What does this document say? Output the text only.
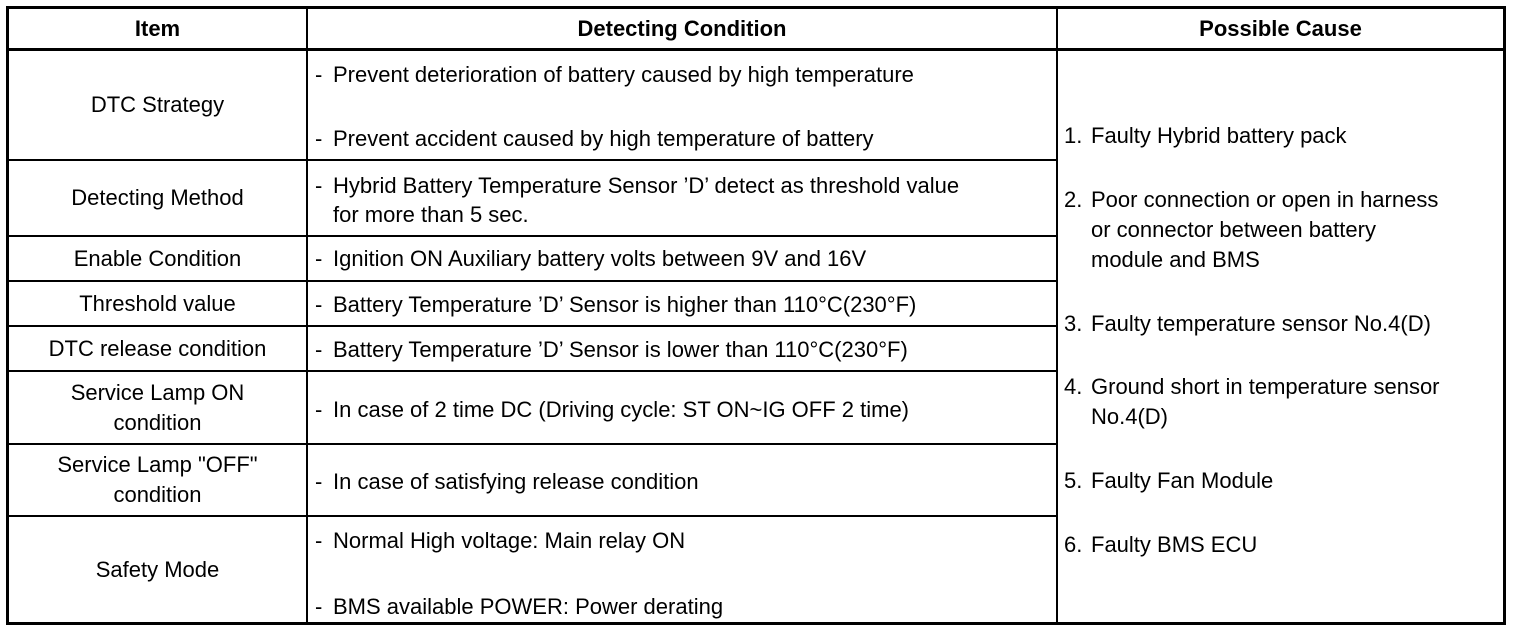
Item	Detecting Condition	Possible Cause
DTC Strategy
Detecting Method
Enable Condition
Threshold value
DTC release condition
Service Lamp ON
condition
Service Lamp "OFF"
condition
Safety Mode
- Prevent deterioration of battery caused by high temperature
- Prevent accident caused by high temperature of battery
- Hybrid Battery Temperature Sensor ’D’ detect as threshold value
for more than 5 sec.
- Ignition ON Auxiliary battery volts between 9V and 16V
- Battery Temperature ’D’ Sensor is higher than 110°C(230°F)
- Battery Temperature ’D’ Sensor is lower than 110°C(230°F)
- In case of 2 time DC (Driving cycle: ST ON~IG OFF 2 time)
- In case of satisfying release condition
- Normal High voltage: Main relay ON
- BMS available POWER: Power derating
1. Faulty Hybrid battery pack
2. Poor connection or open in harness
or connector between battery
module and BMS
3. Faulty temperature sensor No.4(D)
4. Ground short in temperature sensor
No.4(D)
5. Faulty Fan Module
6. Faulty BMS ECU
